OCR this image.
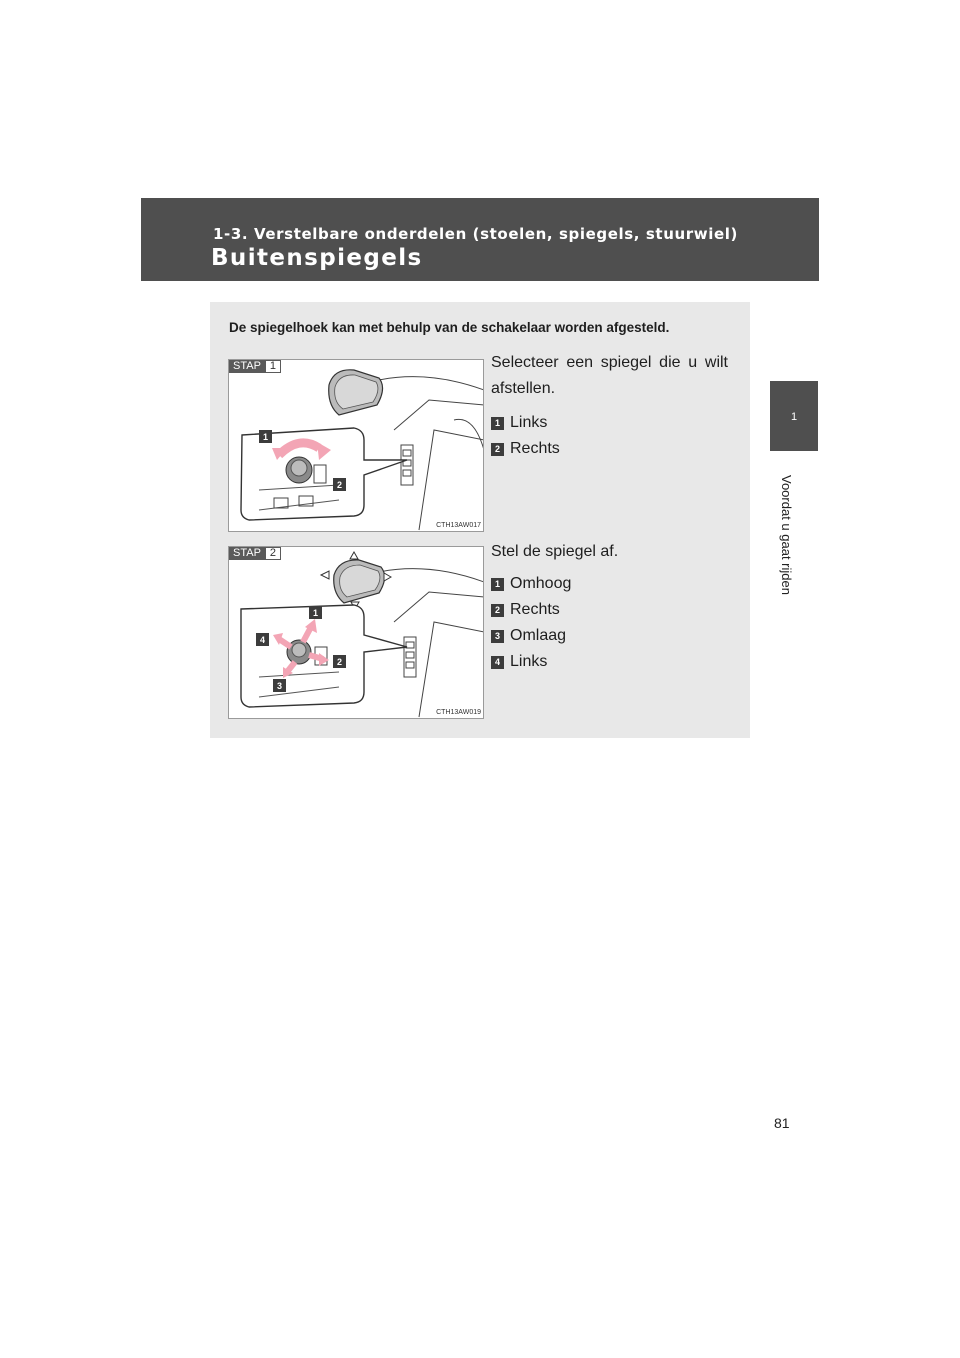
1-3. Verstelbare onderdelen (stoelen, spiegels, stuurwiel)
Buitenspiegels
1
Voordat u gaat rijden
De spiegelhoek kan met behulp van de schakelaar worden afgesteld.
1
2
STAP 1
CTH13AW017
Selecteer een spiegel die u wilt afstellen.
1 Links
2 Rechts
1
2
3
4
STAP 2
CTH13AW019
Stel de spiegel af.
1 Omhoog
2 Rechts
3 Omlaag
4 Links
81
